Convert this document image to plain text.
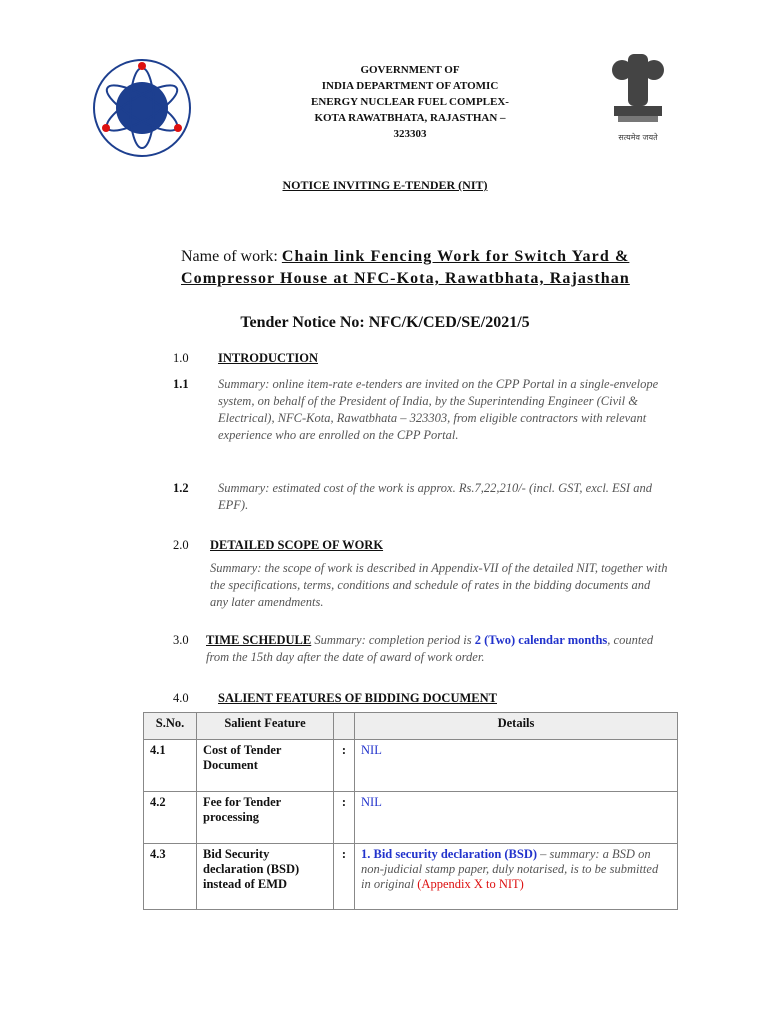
GOVERNMENT OF
INDIA DEPARTMENT OF ATOMIC
ENERGY NUCLEAR FUEL COMPLEX-
KOTA RAWATBHATA, RAJASTHAN –
323303	सत्यमेव जयते
NOTICE INVITING E-TENDER (NIT)
Name of work: Chain link Fencing Work for Switch Yard & Compressor House at NFC-Kota, Rawatbhata, Rajasthan
Tender Notice No: NFC/K/CED/SE/2021/5
1.0 INTRODUCTION
1.1 Summary: online item-rate e-tenders are invited on the CPP Portal in a single-envelope system, on behalf of the President of India, by the Superintending Engineer (Civil & Electrical), NFC-Kota, Rawatbhata – 323303, from eligible contractors with relevant experience who are enrolled on the CPP Portal.
1.2 Summary: estimated cost of the work is approx. Rs.7,22,210/- (incl. GST, excl. ESI and EPF).
2.0 DETAILED SCOPE OF WORK
Summary: the scope of work is described in Appendix-VII of the detailed NIT, together with the specifications, terms, conditions and schedule of rates in the bidding documents and any later amendments.
3.0 TIME SCHEDULE Summary: completion period is 2 (Two) calendar months, counted from the 15th day after the date of award of work order.
4.0 SALIENT FEATURES OF BIDDING DOCUMENT
S.No.	Salient Feature		Details
4.1	Cost of Tender Document	:	NIL
4.2	Fee for Tender processing	:	NIL
4.3	Bid Security declaration (BSD) instead of EMD	:	1. Bid security declaration (BSD) – summary: a BSD on non-judicial stamp paper, duly notarised, is to be submitted in original (Appendix X to NIT)
